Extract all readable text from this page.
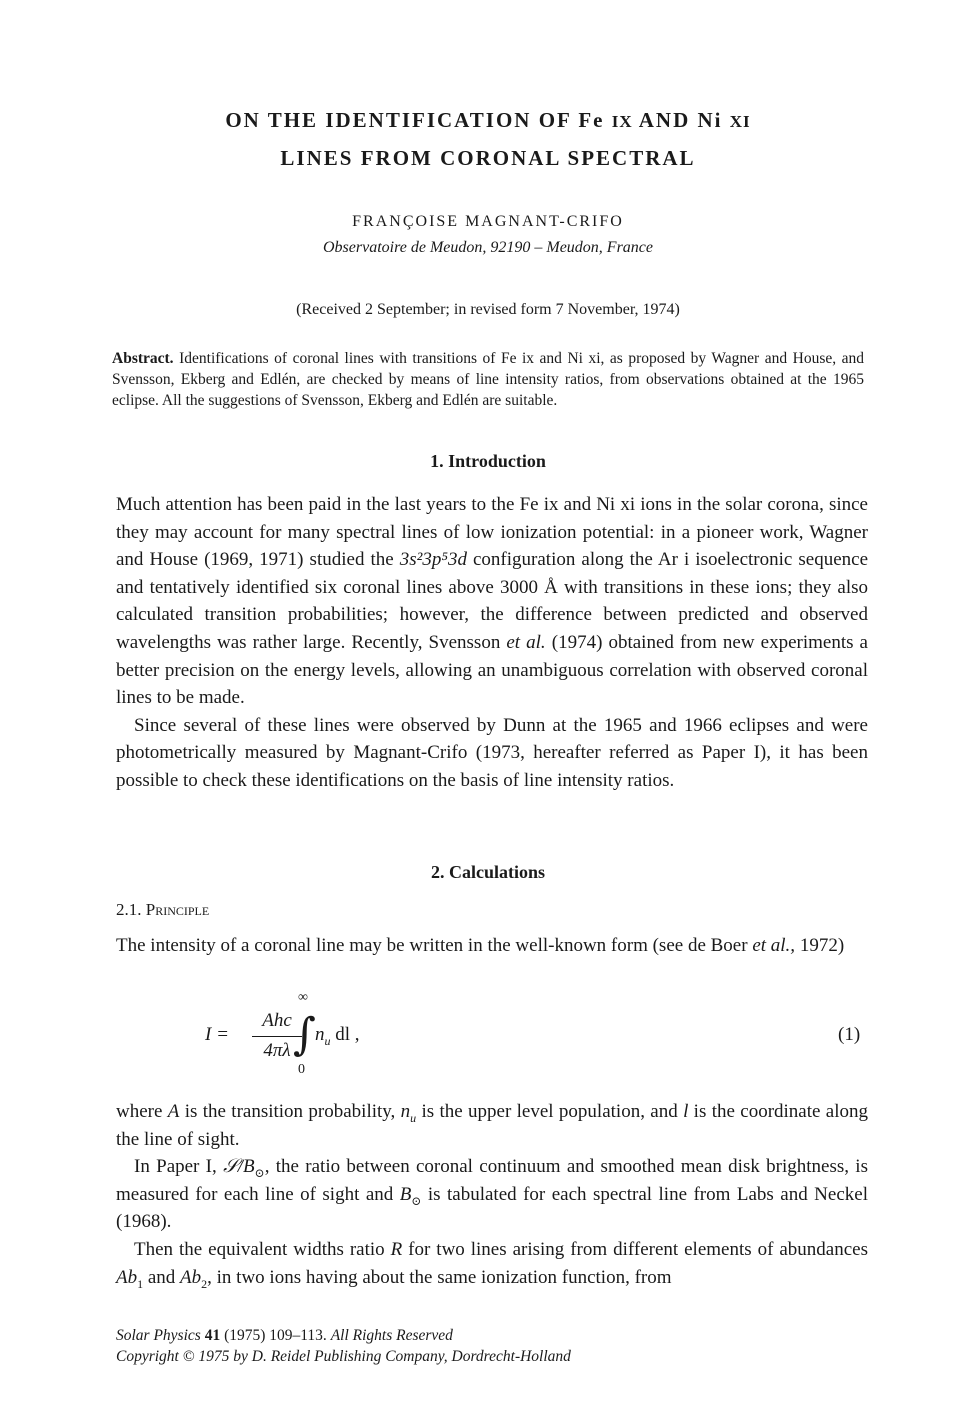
ON THE IDENTIFICATION OF Fe IX AND Ni XI
LINES FROM CORONAL SPECTRAL
FRANÇOISE MAGNANT-CRIFO
Observatoire de Meudon, 92190 – Meudon, France
(Received 2 September; in revised form 7 November, 1974)
Abstract. Identifications of coronal lines with transitions of Fe ix and Ni xi, as proposed by Wagner and House, and Svensson, Ekberg and Edlén, are checked by means of line intensity ratios, from observations obtained at the 1965 eclipse. All the suggestions of Svensson, Ekberg and Edlén are suitable.
1. Introduction

Much attention has been paid in the last years to the Fe ix and Ni xi ions in the solar corona, since they may account for many spectral lines of low ionization potential: in a pioneer work, Wagner and House (1969, 1971) studied the 3s²3p⁵3d configuration along the Ar i isoelectronic sequence and tentatively identified six coronal lines above 3000 Å with transitions in these ions; they also calculated transition probabilities; however, the difference between predicted and observed wavelengths was rather large. Recently, Svensson et al. (1974) obtained from new experiments a better precision on the energy levels, allowing an unambiguous correlation with observed coronal lines to be made.

Since several of these lines were observed by Dunn at the 1965 and 1966 eclipses and were photometrically measured by Magnant-Crifo (1973, hereafter referred as Paper I), it has been possible to check these identifications on the basis of line intensity ratios.

2. Calculations
2.1. Principle

The intensity of a coronal line may be written in the well-known form (see de Boer et al., 1972)

I =
Ahc
4πλ
∞
∫
0
$n_u$ dl ,	(1)

where A is the transition probability, $n_u$ is the upper level population, and l is the coordinate along the line of sight.

In Paper I, $𝒮/B_⊙$, the ratio between coronal continuum and smoothed mean disk brightness, is measured for each line of sight and $B_⊙$ is tabulated for each spectral line from Labs and Neckel (1968).

Then the equivalent widths ratio R for two lines arising from different elements of abundances $Ab_1$ and $Ab_2$, in two ions having about the same ionization function, from

Solar Physics 41 (1975) 109–113. All Rights Reserved
Copyright © 1975 by D. Reidel Publishing Company, Dordrecht-Holland
